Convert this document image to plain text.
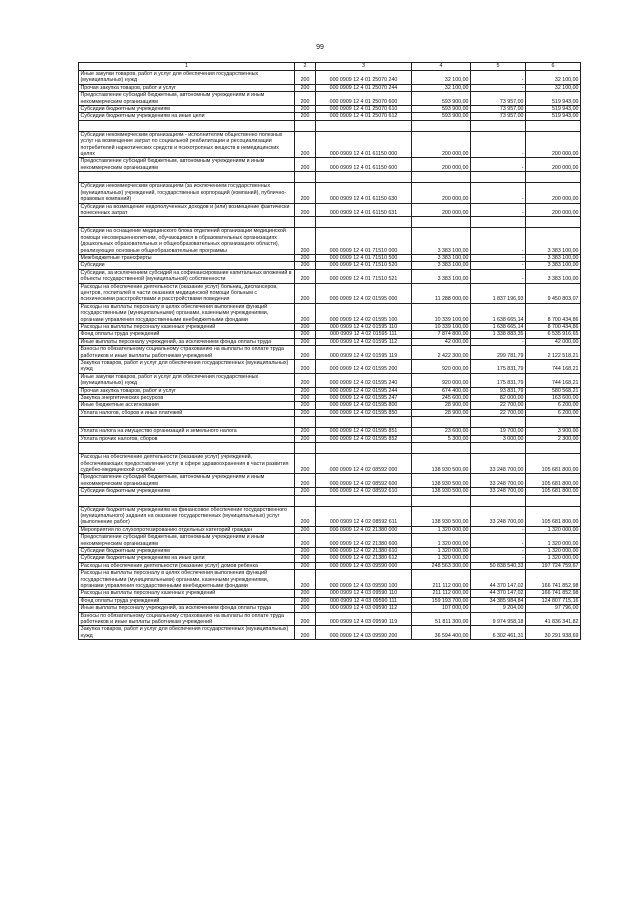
99
1	2	3	4	5	6
Иные закупки товаров, работ и услуг для обеспечения государственных (муниципальных) нужд	200	000 0909 12 4 01 25070 240	32 100,00	-	32 100,00
Прочая закупка товаров, работ и услуг	200	000 0909 12 4 01 25070 244	32 100,00	-	32 100,00
Предоставление субсидий бюджетным, автономным учреждениям и иным некоммерческим организациям	200	000 0909 12 4 01 25070 600	593 900,00	73 957,00	519 943,00
Субсидии бюджетным учреждениям	200	000 0909 12 4 01 25070 610	593 900,00	73 957,00	519 943,00
Субсидии бюджетным учреждениям на иные цели	200	000 0909 12 4 01 25070 612	593 900,00	73 957,00	519 943,00

Субсидии некоммерческим организациям - исполнителям общественно полезных услуг на возмещение затрат по социальной реабилитации и ресоциализации потребителей наркотических средств и психотропных веществ в немедицинских целях	200	000 0909 12 4 01 61150 000	200 000,00	-	200 000,00
Предоставление субсидий бюджетным, автономным учреждениям и иным некоммерческим организациям	200	000 0909 12 4 01 61150 600	200 000,00	-	200 000,00

Субсидии некоммерческим организациям (за исключением государственных (муниципальных) учреждений, государственных корпораций (компаний), публично-правовых компаний)	200	000 0909 12 4 01 61150 630	200 000,00	-	200 000,00
Субсидии на возмещение недополученных доходов и (или) возмещение фактически понесенных затрат	200	000 0909 12 4 01 61150 631	200 000,00	-	200 000,00

Субсидии на оснащение медицинского блока отделений организации медицинской помощи несовершеннолетним, обучающимся в образовательных организациях (дошкольных образовательных и общеобразовательных организациях области), реализующих основные общеобразовательные программы	200	000 0909 12 4 01 71510 000	3 383 100,00	-	3 383 100,00
Межбюджетные трансферты	200	000 0909 12 4 01 71510 500	3 383 100,00	-	3 383 100,00
Субсидии	200	000 0909 12 4 01 71510 520	3 383 100,00	-	3 383 100,00
Субсидии, за исключением субсидий на софинансирование капитальных вложений в объекты государственной (муниципальной) собственности	200	000 0909 12 4 01 71510 521	3 383 100,00	-	3 383 100,00
Расходы на обеспечение деятельности (оказание услуг) больниц, диспансеров, центров, госпиталей в части оказания медицинской помощи больным с психическими расстройствами и расстройствами поведения	200	000 0909 12 4 02 01595 000	11 288 000,00	1 837 196,93	9 450 803,07
Расходы на выплаты персоналу в целях обеспечения выполнения функций государственными (муниципальными) органами, казенными учреждениями, органами управления государственными внебюджетными фондами	200	000 0909 12 4 02 01595 100	10 339 100,00	1 638 665,14	8 700 434,86
Расходы на выплаты персоналу казенных учреждений	200	000 0909 12 4 02 01595 110	10 339 100,00	1 638 665,14	8 700 434,86
Фонд оплаты труда учреждений	200	000 0909 12 4 02 01595 111	7 874 800,00	1 338 883,35	6 535 916,65
Иные выплаты персоналу учреждений, за исключением фонда оплаты труда	200	000 0909 12 4 02 01595 112	42 000,00	-	42 000,00
Взносы по обязательному социальному страхованию на выплаты по оплате труда работников и иные выплаты работникам учреждений	200	000 0909 12 4 02 01595 119	2 422 300,00	299 781,79	2 122 518,21
Закупка товаров, работ и услуг для обеспечения государственных (муниципальных) нужд	200	000 0909 12 4 02 01595 200	920 000,00	175 831,79	744 168,21
Иные закупки товаров, работ и услуг для обеспечения государственных (муниципальных) нужд	200	000 0909 12 4 02 01595 240	920 000,00	175 831,79	744 168,21
Прочая закупка товаров, работ и услуг	200	000 0909 12 4 02 01595 244	674 400,00	93 831,79	580 568,21
Закупка энергетических ресурсов	200	000 0909 12 4 02 01595 247	245 600,00	82 000,00	163 600,00
Иные бюджетные ассигнования	200	000 0909 12 4 02 01595 800	28 900,00	22 700,00	6 200,00
Уплата налогов, сборов и иных платежей	200	000 0909 12 4 02 01595 850	28 900,00	22 700,00	6 200,00

Уплата налога на имущество организаций и земельного налога	200	000 0909 12 4 02 01595 851	23 600,00	19 700,00	3 900,00
Уплата прочих налогов, сборов	200	000 0909 12 4 02 01595 852	5 300,00	3 000,00	2 300,00

Расходы на обеспечение деятельности (оказание услуг) учреждений, обеспечивающих предоставление услуг в сфере здравоохранения в части развития судебно-медицинской службы	200	000 0909 12 4 02 08592 000	138 930 500,00	33 248 700,00	105 681 800,00
Предоставление субсидий бюджетным, автономным учреждениям и иным некоммерческим организациям	200	000 0909 12 4 02 08592 600	138 930 500,00	33 248 700,00	105 681 800,00
Субсидии бюджетным учреждениям	200	000 0909 12 4 02 08592 610	138 930 500,00	33 248 700,00	105 681 800,00

Субсидии бюджетным учреждениям на финансовое обеспечение государственного (муниципального) задания на оказание государственных (муниципальных) услуг (выполнение работ)	200	000 0909 12 4 02 08592 611	138 930 500,00	33 248 700,00	105 681 800,00
Мероприятия по слухопротезированию отдельных категорий граждан	200	000 0909 12 4 02 21380 000	1 320 000,00	-	1 320 000,00
Предоставление субсидий бюджетным, автономным учреждениям и иным некоммерческим организациям	200	000 0909 12 4 02 21380 600	1 320 000,00	-	1 320 000,00
Субсидии бюджетным учреждениям	200	000 0909 12 4 02 21380 610	1 320 000,00	-	1 320 000,00
Субсидии бюджетным учреждениям на иные цели	200	000 0909 12 4 02 21380 612	1 320 000,00	-	1 320 000,00
Расходы на обеспечение деятельности (оказание услуг) домов ребенка	200	000 0909 12 4 03 09590 000	248 563 300,00	50 838 540,33	197 724 759,67
Расходы на выплаты персоналу в целях обеспечения выполнения функций государственными (муниципальными) органами, казенными учреждениями, органами управления государственными внебюджетными фондами	200	000 0909 12 4 03 09590 100	211 112 000,00	44 370 147,02	166 741 852,98
Расходы на выплаты персоналу казенных учреждений	200	000 0909 12 4 03 09590 110	211 112 000,00	44 370 147,02	166 741 852,98
Фонд оплаты труда учреждений	200	000 0909 12 4 03 09590 111	159 193 700,00	34 385 984,84	124 807 715,16
Иные выплаты персоналу учреждений, за исключением фонда оплаты труда	200	000 0909 12 4 03 09590 112	107 000,00	9 204,00	97 796,00
Взносы по обязательному социальному страхованию на выплаты по оплате труда работников и иные выплаты работникам учреждений	200	000 0909 12 4 03 09590 119	51 811 300,00	9 974 958,18	41 836 341,82
Закупка товаров, работ и услуг для обеспечения государственных (муниципальных) нужд	200	000 0909 12 4 03 09590 200	36 594 400,00	6 302 461,31	30 291 938,69
